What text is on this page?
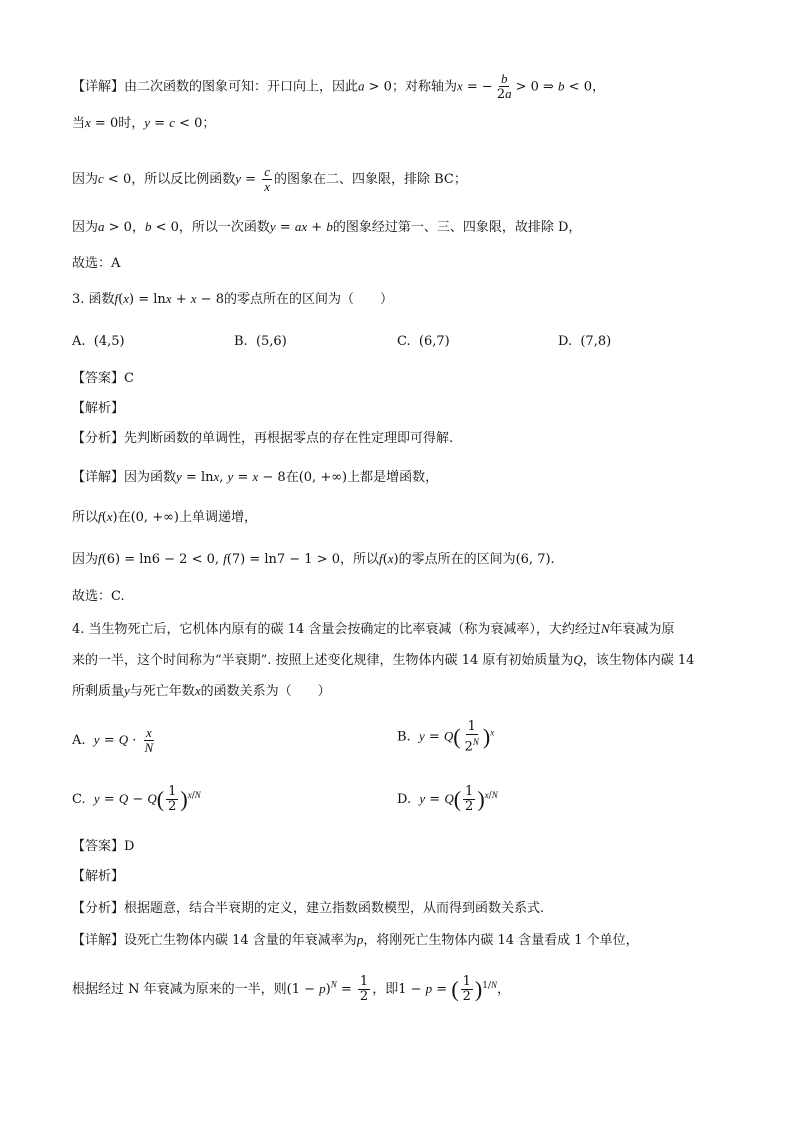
【详解】由二次函数的图象可知：开口向上，因此a > 0；对称轴为x = − $\frac{b}{2a} > 0$ ⇒ b < 0，
当x = 0时，y = c < 0；
因为c < 0，所以反比例函数$y = \frac{c}{x}$ 的图象在二、四象限，排除 BC；
因为a > 0，b < 0，所以一次函数y = ax + b的图象经过第一、三、四象限，故排除 D，
故选：A
3. 函数f(x) = lnx + x − 8的零点所在的区间为（　　）
A. (4,5)	B. (5,6)	C. (6,7)	D. (7,8)
【答案】C
【解析】
【分析】先判断函数的单调性，再根据零点的存在性定理即可得解.
【详解】因为函数y = lnx, y = x − 8在(0, +∞)上都是增函数，
所以f(x)在(0, +∞)上单调递增，
因为f(6) = ln6 − 2 < 0, f(7) = ln7 − 1 > 0，所以f(x)的零点所在的区间为(6, 7).
故选：C.
4. 当生物死亡后，它机体内原有的碳 14 含量会按确定的比率衰减（称为衰减率），大约经过N年衰减为原
来的一半，这个时间称为“半衰期”. 按照上述变化规律，生物体内碳 14 原有初始质量为Q，该生物体内碳 14
所剩质量y与死亡年数x的函数关系为（　　）
A. $y = Q \cdot \frac{x}{N}$	B. $y = Q( \frac{1}{2^N} )^x$
C. $y = Q - Q( \frac{1}{2} )^{x/N}$	D. $y = Q( \frac{1}{2} )^{x/N}$
【答案】D
【解析】
【分析】根据题意，结合半衰期的定义，建立指数函数模型，从而得到函数关系式.
【详解】设死亡生物体内碳 14 含量的年衰减率为p，将刚死亡生物体内碳 14 含量看成 1 个单位，
根据经过 N 年衰减为原来的一半，则$(1 - p)^N = \frac{1}{2}$ ，即1 − p = ( $\frac{1}{2} )^{1/N}$，
